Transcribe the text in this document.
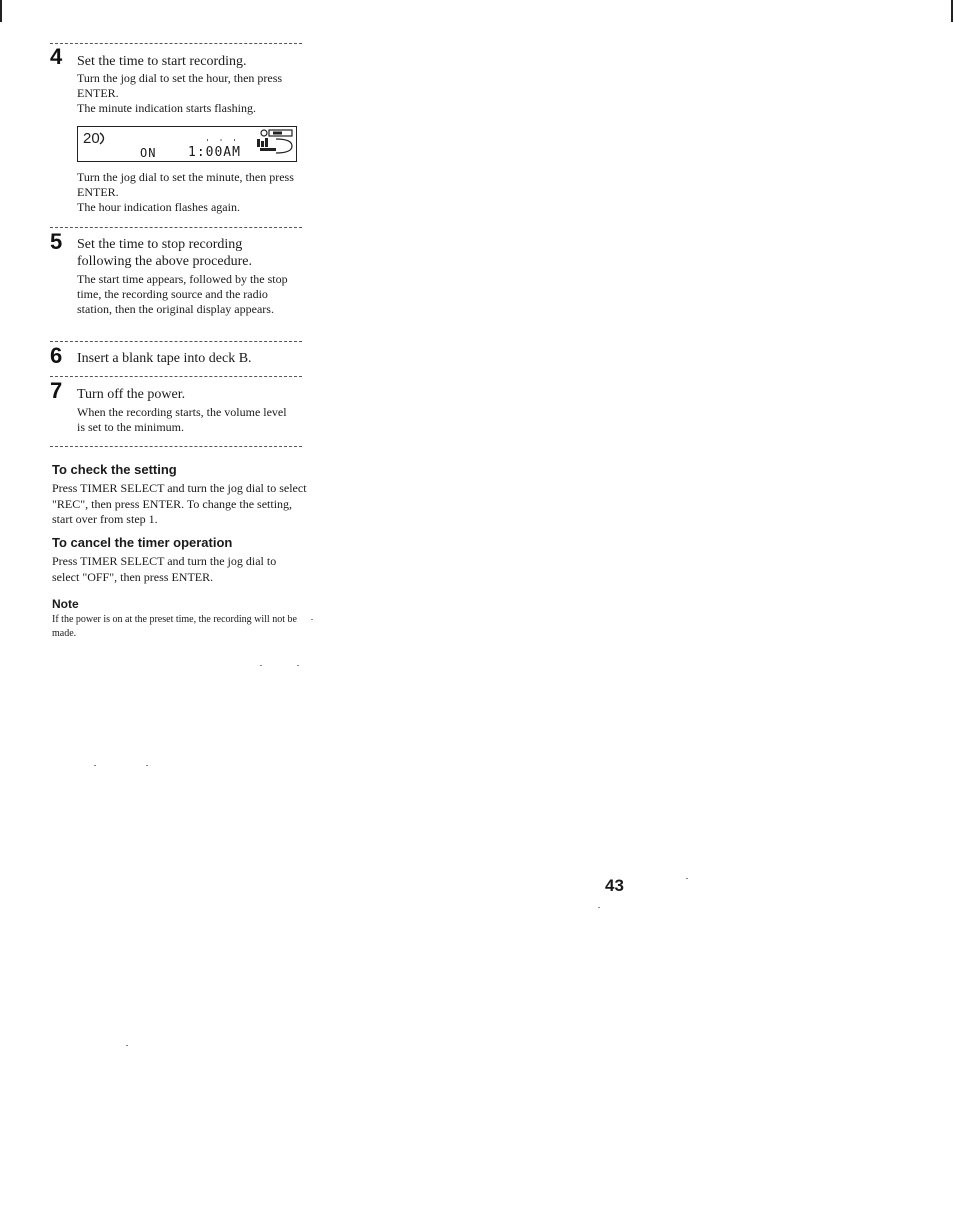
4 Set the time to start recording.

Turn the jog dial to set the hour, then press ENTER.

The minute indication starts flashing.

20	' ' '
ON 1:00AM

Turn the jog dial to set the minute, then press ENTER.

The hour indication flashes again.

5 Set the time to stop recording following the above procedure.

The start time appears, followed by the stop time, the recording source and the radio station, then the original display appears.

6 Insert a blank tape into deck B.
7 Turn off the power.

When the recording starts, the volume level is set to the minimum.

To check the setting
Press TIMER SELECT and turn the jog dial to select "REC", then press ENTER. To change the setting, start over from step 1.
To cancel the timer operation
Press TIMER SELECT and turn the jog dial to select "OFF", then press ENTER.
Note
If the power is on at the preset time, the recording will not be made.
43
